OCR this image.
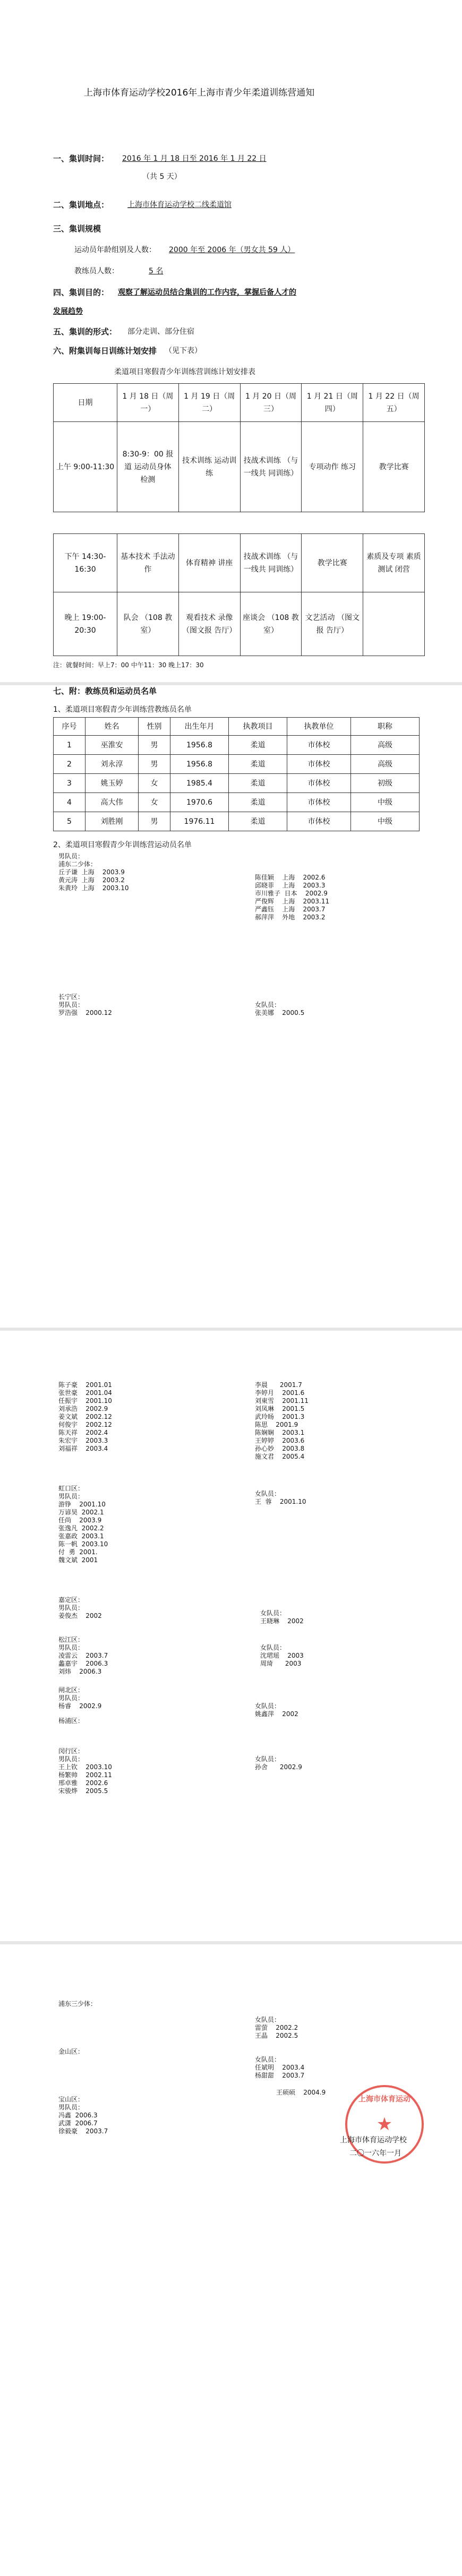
上海市体育运动学校2016年上海市青少年柔道训练营通知
一、集训时间： 2016 年 1 月 18 日至 2016 年 1 月 22 日
（共 5 天）
二、集训地点： 上海市体育运动学校二线柔道馆
三、集训规模
运动员年龄组别及人数： 2000 年至 2006 年（男女共 59 人）
教练员人数：	5 名
四、集训目的： 观察了解运动员结合集训的工作内容，掌握后备人才的
发展趋势
五、集训的形式： 部分走训、部分住宿
六、附集训每日训练计划安排 （见下表）
柔道项目寒假青少年训练营训练计划安排表
日期	1 月 18 日（周一）	1 月 19 日（周二）	1 月 20 日（周三）	1 月 21 日（周四）	1 月 22 日（周五）
上午 9:00-11:30	8:30-9：00 报道 运动员身体 检测	技术训练 运动训练	技战术训练 （与一线共 同训练）	专项动作 练习	教学比赛
下午 14:30-16:30	基本技术 手法动作	体育精神 讲座	技战术训练 （与一线共 同训练）	教学比赛	素质及专项 素质测试 闭营
晚上 19:00-20:30	队会 （108 教室）	观看技术 录像 （图文报 告厅）	座谈会 （108 教室）	文艺活动 （图文报 告厅）	
注：就餐时间：早上7：00 中午11：30 晚上17：30
七、附：教练员和运动员名单
1、柔道项目寒假青少年训练营教练员名单
序号	姓名	性别	出生年月	执教项目	执教单位	职称
1	巫淮安	男	1956.8	柔道	市体校	高级
2	刘永淳	男	1956.8	柔道	市体校	高级
3	姚玉婷	女	1985.4	柔道	市体校	初级
4	高大伟	女	1970.6	柔道	市体校	中级
5	刘胜刚	男	1976.11	柔道	市体校	中级
2、柔道项目寒假青少年训练营运动员名单
男队员：
浦东二少体：
丘子谦  上海    2003.9
黄元涛  上海    2003.2
朱黄玲  上海    2003.10
陈佳颖    上海    2002.6
邱晓菲    上海    2003.3
市川雅子  日本    2002.9
严俊辉    上海    2003.11
严鑫钰    上海    2003.7
郝萍萍    外地    2003.2
长宁区：
男队员：
罗浩强    2000.12
女队员：
张美娜    2000.5
陈子豪    2001.01
张世豪    2001.04
任振宇    2001.10
刘承浩    2002.9
姜文斌    2002.12
何俊宇    2002.12
陈天祥    2002.4
朱宏宇    2003.3
刘福祥    2003.4
李晨      2001.7
李婷月    2001.6
刘東雪    2001.11
刘凤琳    2001.5
武玲旸    2001.3
陈思    2001.9
陈娴娴    2003.1
王婷婷    2003.6
孙心妙    2003.8
施文君    2005.4
虹口区：
男队员：
游铮    2001.10
万谚昊  2002.1
任尚    2003.9
张逸凡  2002.2
张嘉政  2003.1
陈一帆  2003.10
付  勇  2001.
魏文斌  2001
女队员：
王  蓉    2001.10
嘉定区：
男队员：
姜俊杰    2002	女队员：
王晓琳    2002
松江区：
男队员：
凌雷云    2003.7
蠡嘉宇    2006.3
刘炜    2006.3
女队员：
沈珺瑶    2003
周琦      2003
闸北区：
男队员：
杨睿    2002.9
杨浦区：
女队员：
姚鑫萍    2002
闵行区：
男队员：
王上钦    2003.10
杨繁帅    2002.11
邢卓雅    2002.6
宋骏烨    2005.5
女队员：
孙舍      2002.9
浦东三少体：
女队员：
雷萤    2002.2
王晶    2002.5
金山区：
女队员：
任斌明    2003.4
杨甜甜    2003.7
王硕硕    2004.9
宝山区：
男队员：
冯鑫  2006.3
武潇  2006.7
徐毅豪    2003.7
上海市体育运动
★
上海市体育运动学校
二〇一六年一月
